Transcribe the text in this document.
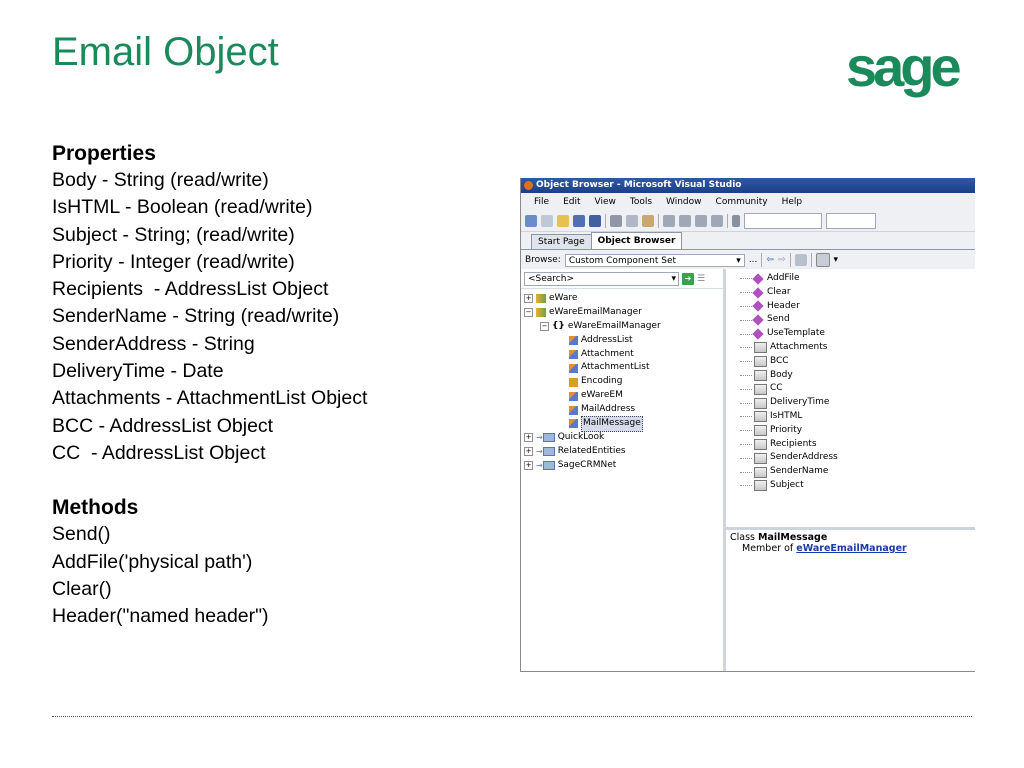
Email Object	sage
Properties
Body - String (read/write)
IsHTML - Boolean (read/write)
Subject - String; (read/write)
Priority - Integer (read/write)
Recipients  - AddressList Object
SenderName - String (read/write)
SenderAddress - String
DeliveryTime - Date
Attachments - AttachmentList Object
BCC - AddressList Object
CC  - AddressList Object
Methods
Send()
AddFile('physical path')
Clear()
Header("named header")
Object Browser - Microsoft Visual Studio
File	Edit	View	Tools	Window	Community	Help
Start Page	Object Browser
Browse: Custom Component Set	▾ ... ⇦ ⇨	▾
<Search>	▾	➔ ☰
+ eWare
− eWareEmailManager
− {} eWareEmailManager
AddressList
Attachment
AttachmentList
Encoding
eWareEM
MailAddress
MailMessage
+ → QuickLook
+ → RelatedEntities
+ → SageCRMNet
AddFile
Clear
Header
Send
UseTemplate
Attachments
BCC
Body
CC
DeliveryTime
IsHTML
Priority
Recipients
SenderAddress
SenderName
Subject
Class MailMessage
Member of eWareEmailManager
